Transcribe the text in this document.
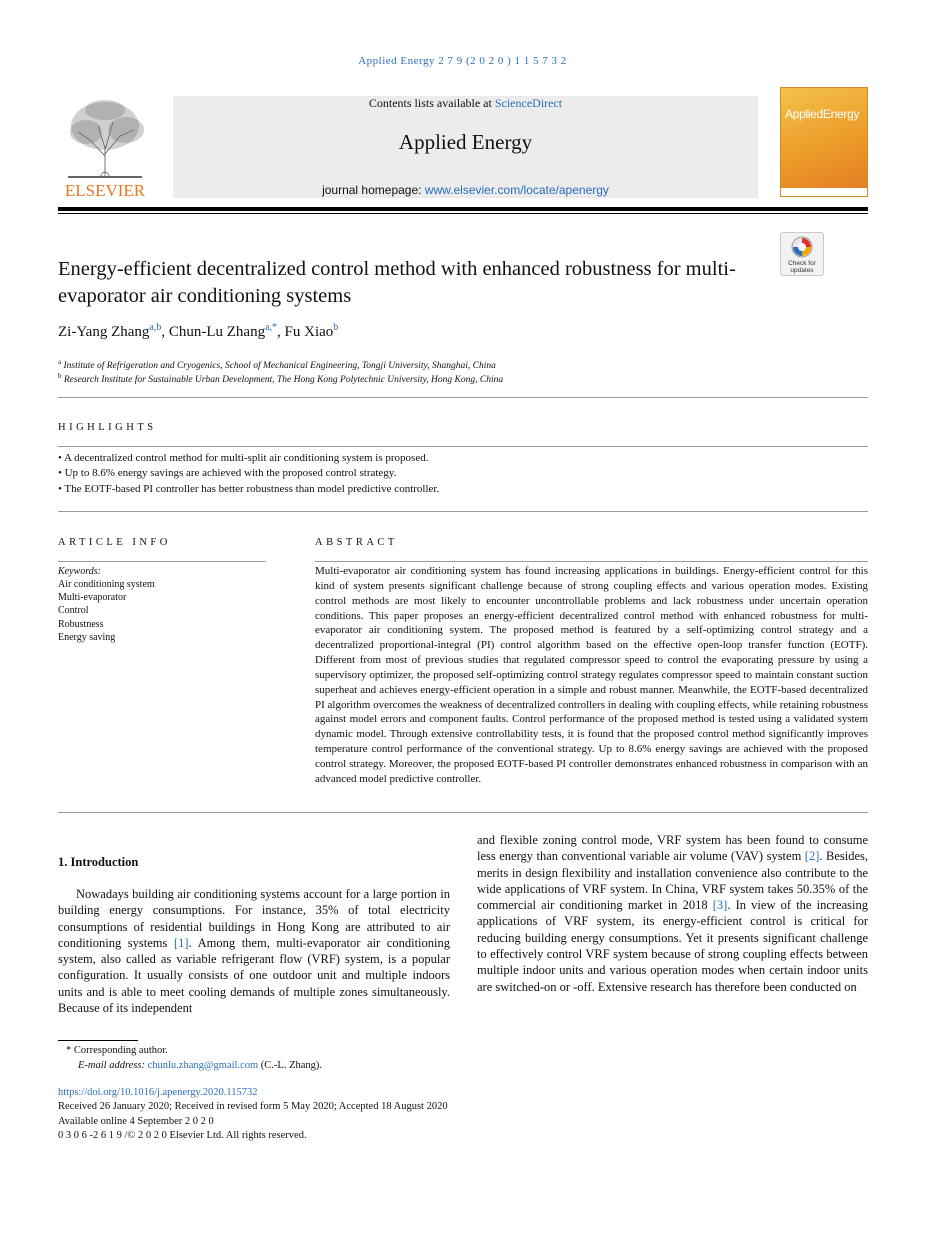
Applied Energy 2 7 9 (2 0 2 0 ) 1 1 5 7 3 2
ELSEVIER
Contents lists available at ScienceDirect
Applied Energy
journal homepage: www.elsevier.com/locate/apenergy
AppliedEnergy
Check for
updates
Energy-efficient decentralized control method with enhanced robustness for multi-evaporator air conditioning systems
Zi-Yang Zhang$^{a,b}$, Chun-Lu Zhang$^{a,*}$, Fu Xiao$^b$
$^a$ Institute of Refrigeration and Cryogenics, School of Mechanical Engineering, Tongji University, Shanghai, China
$^b$ Research Institute for Sustainable Urban Development, The Hong Kong Polytechnic University, Hong Kong, China
HIGHLIGHTS
• A decentralized control method for multi-split air conditioning system is proposed.
• Up to 8.6% energy savings are achieved with the proposed control strategy.
• The EOTF-based PI controller has better robustness than model predictive controller.
ARTICLE INFO
Keywords:
Air conditioning system
Multi-evaporator
Control
Robustness
Energy saving
ABSTRACT
Multi-evaporator air conditioning system has found increasing applications in buildings. Energy-efficient control for this kind of system presents significant challenge because of strong coupling effects and various operation modes. Existing control methods are most likely to encounter uncontrollable problems and lack robustness under uncertain operation conditions. This paper proposes an energy-efficient decentralized control method with enhanced robustness for multi-evaporator air conditioning system. The proposed method is featured by a self-optimizing control strategy and a decentralized proportional-integral (PI) control algorithm based on the effective open-loop transfer function (EOTF). Different from most of previous studies that regulated compressor speed to control the evaporating pressure by using a supervisory optimizer, the proposed self-optimizing control strategy regulates compressor speed to maintain constant suction superheat and achieves energy-efficient operation in a simple and robust manner. Meanwhile, the EOTF-based decentralized PI algorithm overcomes the weakness of decentralized controllers in dealing with coupling effects, while retaining robustness against model errors and component faults. Control performance of the proposed method is tested using a validated system dynamic model. Through extensive controllability tests, it is found that the proposed control method significantly improves temperature control performance of the conventional strategy. Up to 8.6% energy savings are achieved with the proposed control strategy. Moreover, the proposed EOTF-based PI controller demonstrates enhanced robustness in comparison with an advanced model predictive controller.
1. Introduction

Nowadays building air conditioning systems account for a large portion in building energy consumptions. For instance, 35% of total electricity consumptions of residential buildings in Hong Kong are attributed to air conditioning systems [1]. Among them, multi-evaporator air conditioning system, also called as variable refrigerant flow (VRF) system, is a popular configuration. It usually consists of one outdoor unit and multiple indoors units and is able to meet cooling demands of multiple zones simultaneously. Because of its independent

and flexible zoning control mode, VRF system has been found to consume less energy than conventional variable air volume (VAV) system [2]. Besides, merits in design flexibility and installation convenience also contribute to the wide applications of VRF system. In China, VRF system takes 50.35% of the commercial air conditioning market in 2018 [3]. In view of the increasing applications of VRF system, its energy-efficient control is critical for reducing building energy consumptions. Yet it presents significant challenge to effectively control VRF system because of strong coupling effects between multiple indoor units and various operation modes when certain indoor units are switched-on or -off. Extensive research has therefore been conducted on

* Corresponding author.
E-mail address: chunlu.zhang@gmail.com (C.-L. Zhang).
https://doi.org/10.1016/j.apenergy.2020.115732
Received 26 January 2020; Received in revised form 5 May 2020; Accepted 18 August 2020
Available online 4 September 2 0 2 0
0 3 0 6 -2 6 1 9 /© 2 0 2 0 Elsevier Ltd. All rights reserved.
